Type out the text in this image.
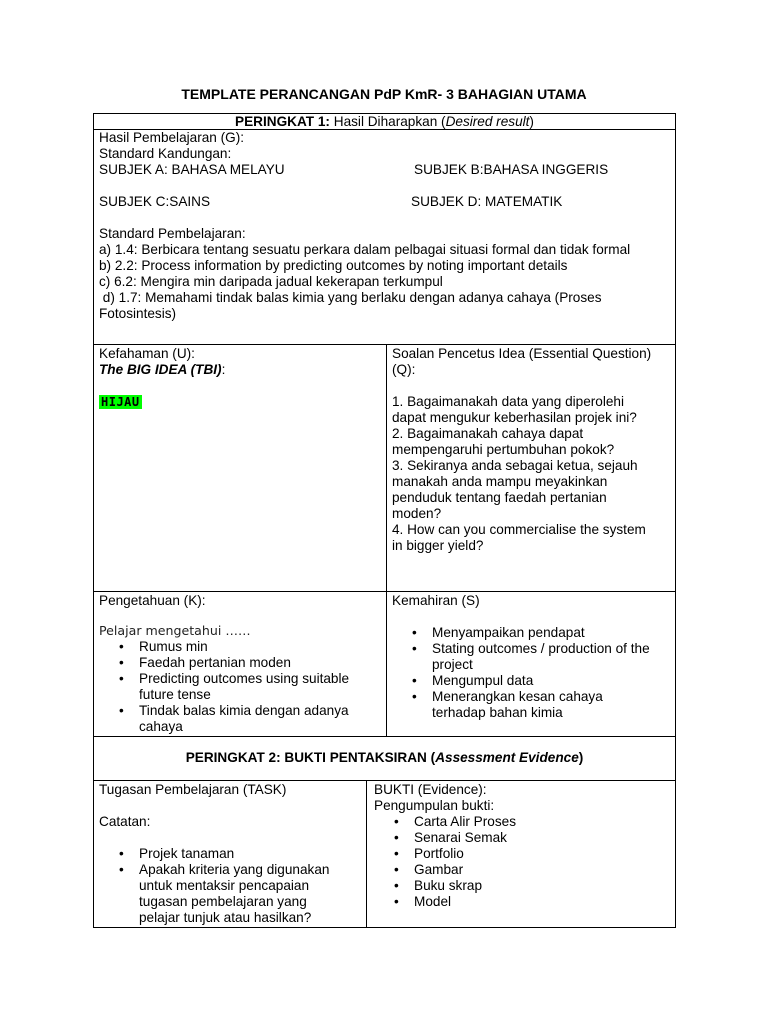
TEMPLATE PERANCANGAN PdP KmR- 3 BAHAGIAN UTAMA
PERINGKAT 1: Hasil Diharapkan (Desired result)
Hasil Pembelajaran (G):
Standard Kandungan:
SUBJEK A: BAHASA MELAYU	SUBJEK B:BAHASA INGGERIS
SUBJEK C:SAINS	SUBJEK D: MATEMATIK
Standard Pembelajaran:
a) 1.4: Berbicara tentang sesuatu perkara dalam pelbagai situasi formal dan tidak formal
b) 2.2: Process information by predicting outcomes by noting important details
c) 6.2: Mengira min daripada jadual kekerapan terkumpul
d) 1.7: Memahami tindak balas kimia yang berlaku dengan adanya cahaya (Proses
Fotosintesis)
Kefahaman (U):
The BIG IDEA (TBI):
HIJAU
Soalan Pencetus Idea (Essential Question)
(Q):
1. Bagaimanakah data yang diperolehi
dapat mengukur keberhasilan projek ini?
2. Bagaimanakah cahaya dapat
mempengaruhi pertumbuhan pokok?
3. Sekiranya anda sebagai ketua, sejauh
manakah anda mampu meyakinkan
penduduk tentang faedah pertanian
moden?
4. How can you commercialise the system
in bigger yield?
Pengetahuan (K):
Pelajar mengetahui ……
• Rumus min
• Faedah pertanian moden
• Predicting outcomes using suitable
future tense
• Tindak balas kimia dengan adanya
cahaya
Kemahiran (S)
• Menyampaikan pendapat
• Stating outcomes / production of the
project
• Mengumpul data
• Menerangkan kesan cahaya
terhadap bahan kimia
PERINGKAT 2: BUKTI PENTAKSIRAN (Assessment Evidence)
Tugasan Pembelajaran (TASK)
Catatan:
• Projek tanaman
• Apakah kriteria yang digunakan
untuk mentaksir pencapaian
tugasan pembelajaran yang
pelajar tunjuk atau hasilkan?
BUKTI (Evidence):
Pengumpulan bukti:
• Carta Alir Proses
• Senarai Semak
• Portfolio
• Gambar
• Buku skrap
• Model
